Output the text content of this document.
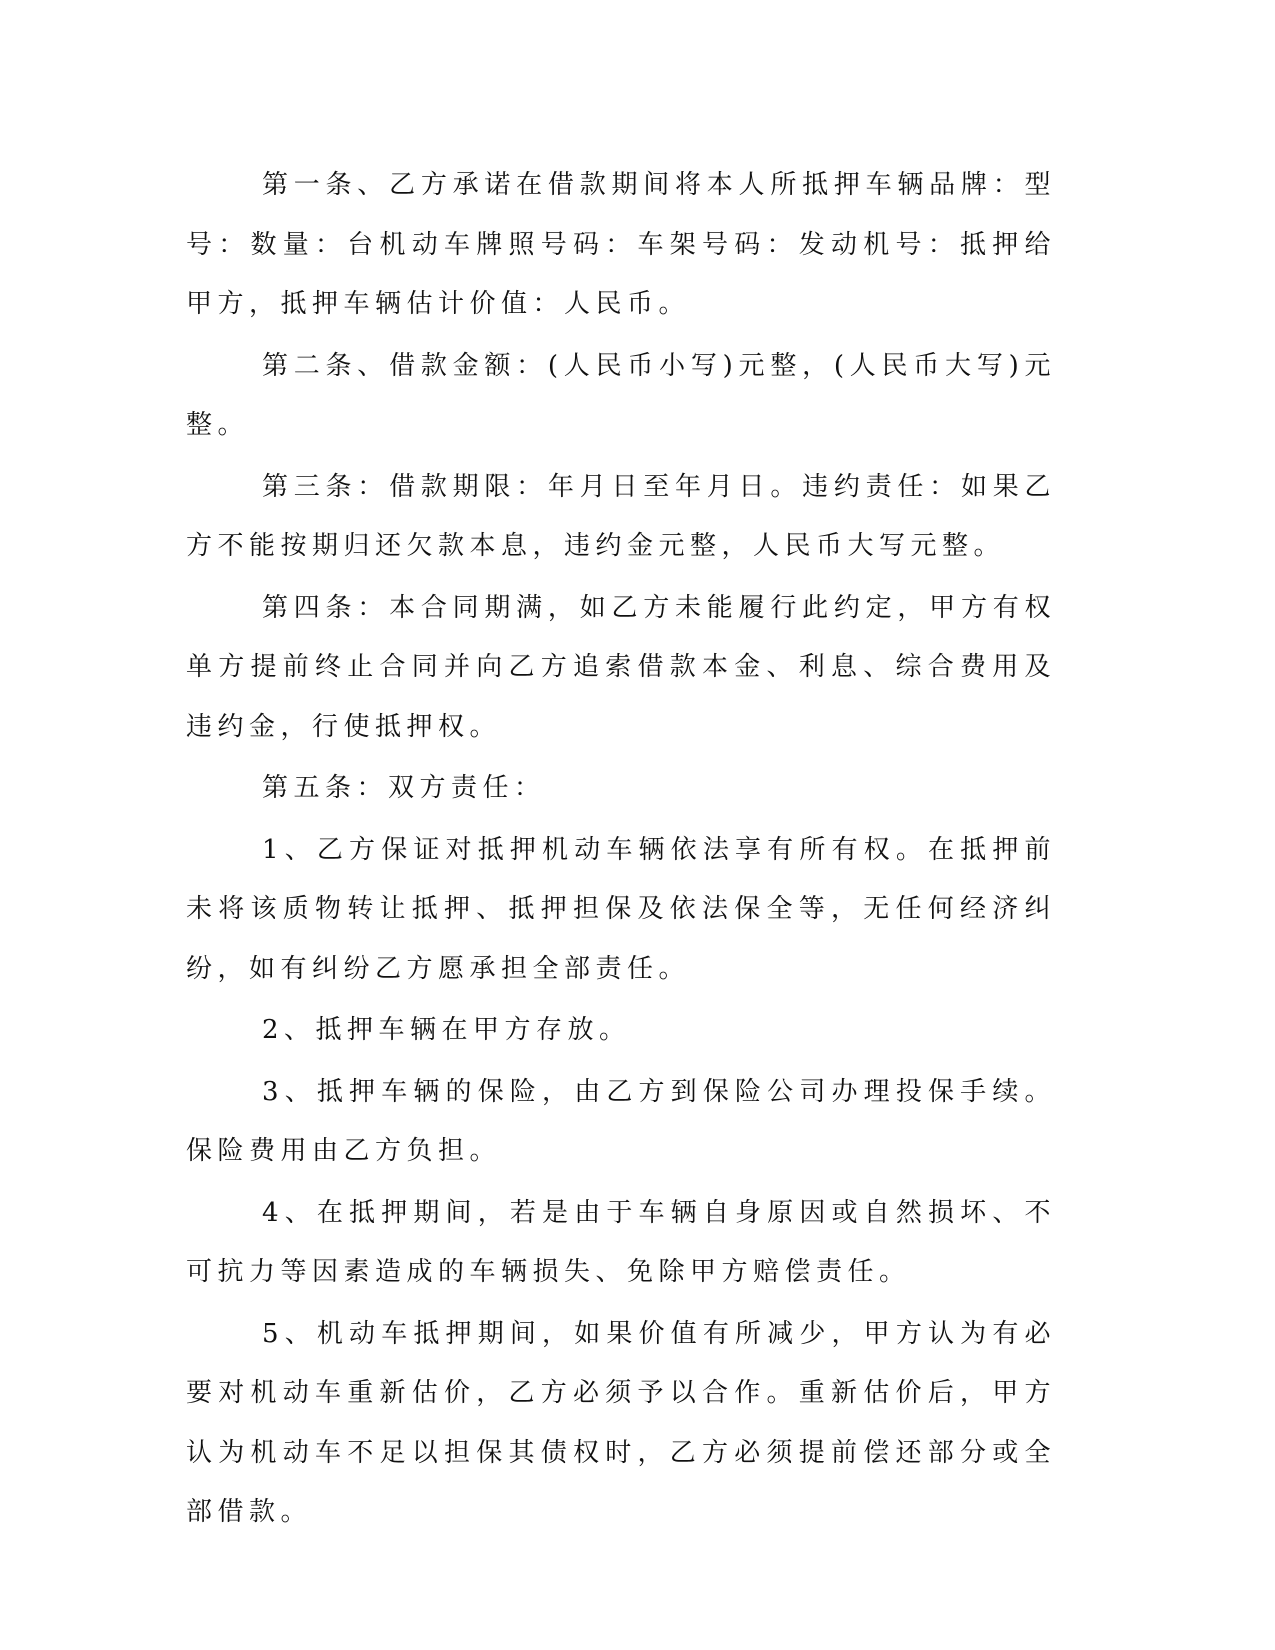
第一条、乙方承诺在借款期间将本人所抵押车辆品牌：型号：数量：台机动车牌照号码：车架号码：发动机号：抵押给甲方，抵押车辆估计价值：人民币。

第二条、借款金额：(人民币小写)元整，(人民币大写)元整。

第三条：借款期限：年月日至年月日。违约责任：如果乙方不能按期归还欠款本息，违约金元整，人民币大写元整。

第四条：本合同期满，如乙方未能履行此约定，甲方有权单方提前终止合同并向乙方追索借款本金、利息、综合费用及违约金，行使抵押权。

第五条：双方责任：

1、乙方保证对抵押机动车辆依法享有所有权。在抵押前未将该质物转让抵押、抵押担保及依法保全等，无任何经济纠纷，如有纠纷乙方愿承担全部责任。

2、抵押车辆在甲方存放。

3、抵押车辆的保险，由乙方到保险公司办理投保手续。保险费用由乙方负担。

4、在抵押期间，若是由于车辆自身原因或自然损坏、不可抗力等因素造成的车辆损失、免除甲方赔偿责任。

5、机动车抵押期间，如果价值有所减少，甲方认为有必要对机动车重新估价，乙方必须予以合作。重新估价后，甲方认为机动车不足以担保其债权时，乙方必须提前偿还部分或全部借款。
